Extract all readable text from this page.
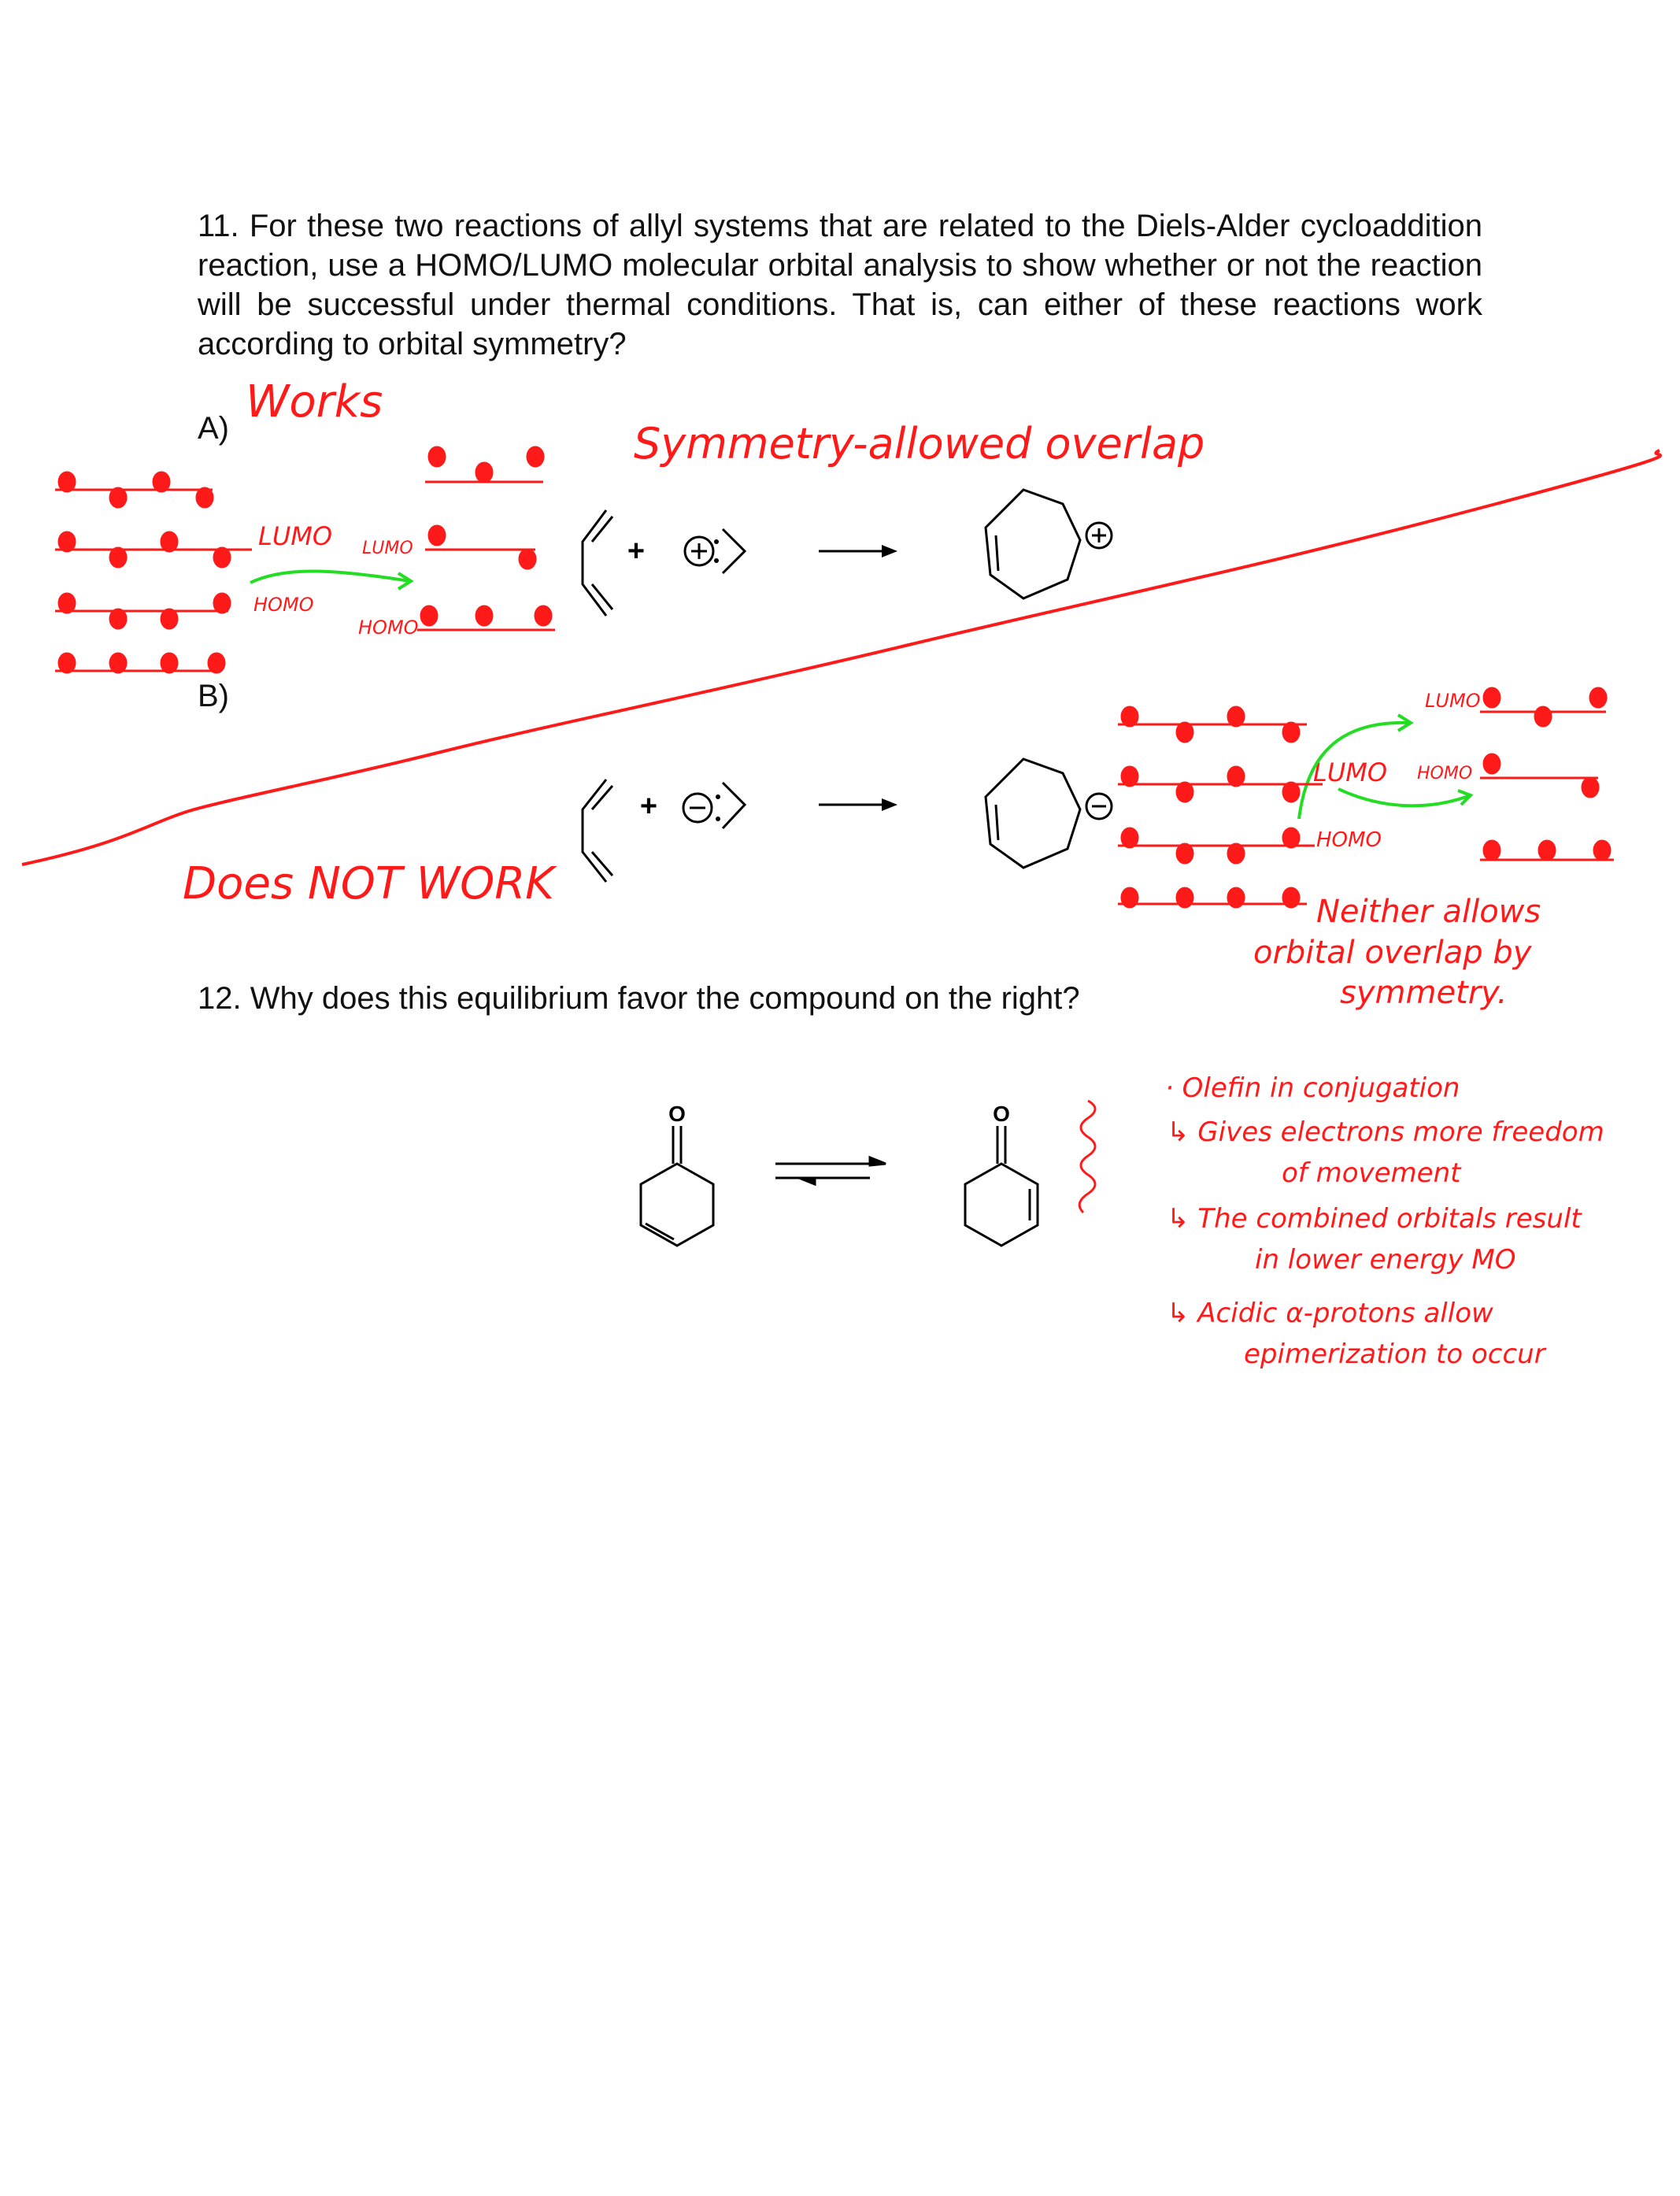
11. For these two reactions of allyl systems that are related to the Diels-Alder cycloaddition reaction, use a HOMO/LUMO molecular orbital analysis to show whether or not the reaction will be successful under thermal conditions. That is, can either of these reactions work according to orbital symmetry?
A)
B)
12. Why does this equilibrium favor the compound on the right?
Works
Symmetry-allowed overlap
Does NOT WORK
LUMO LUMO
HOMO
HOMO
LUMO
LUMO HOMO
HOMO
Neither allows
orbital overlap by
symmetry.
· Olefin in conjugation
↳ Gives electrons more freedom
of movement
↳ The combined orbitals result
in lower energy MO
↳ Acidic α-protons allow
epimerization to occur
+
+
O	O
